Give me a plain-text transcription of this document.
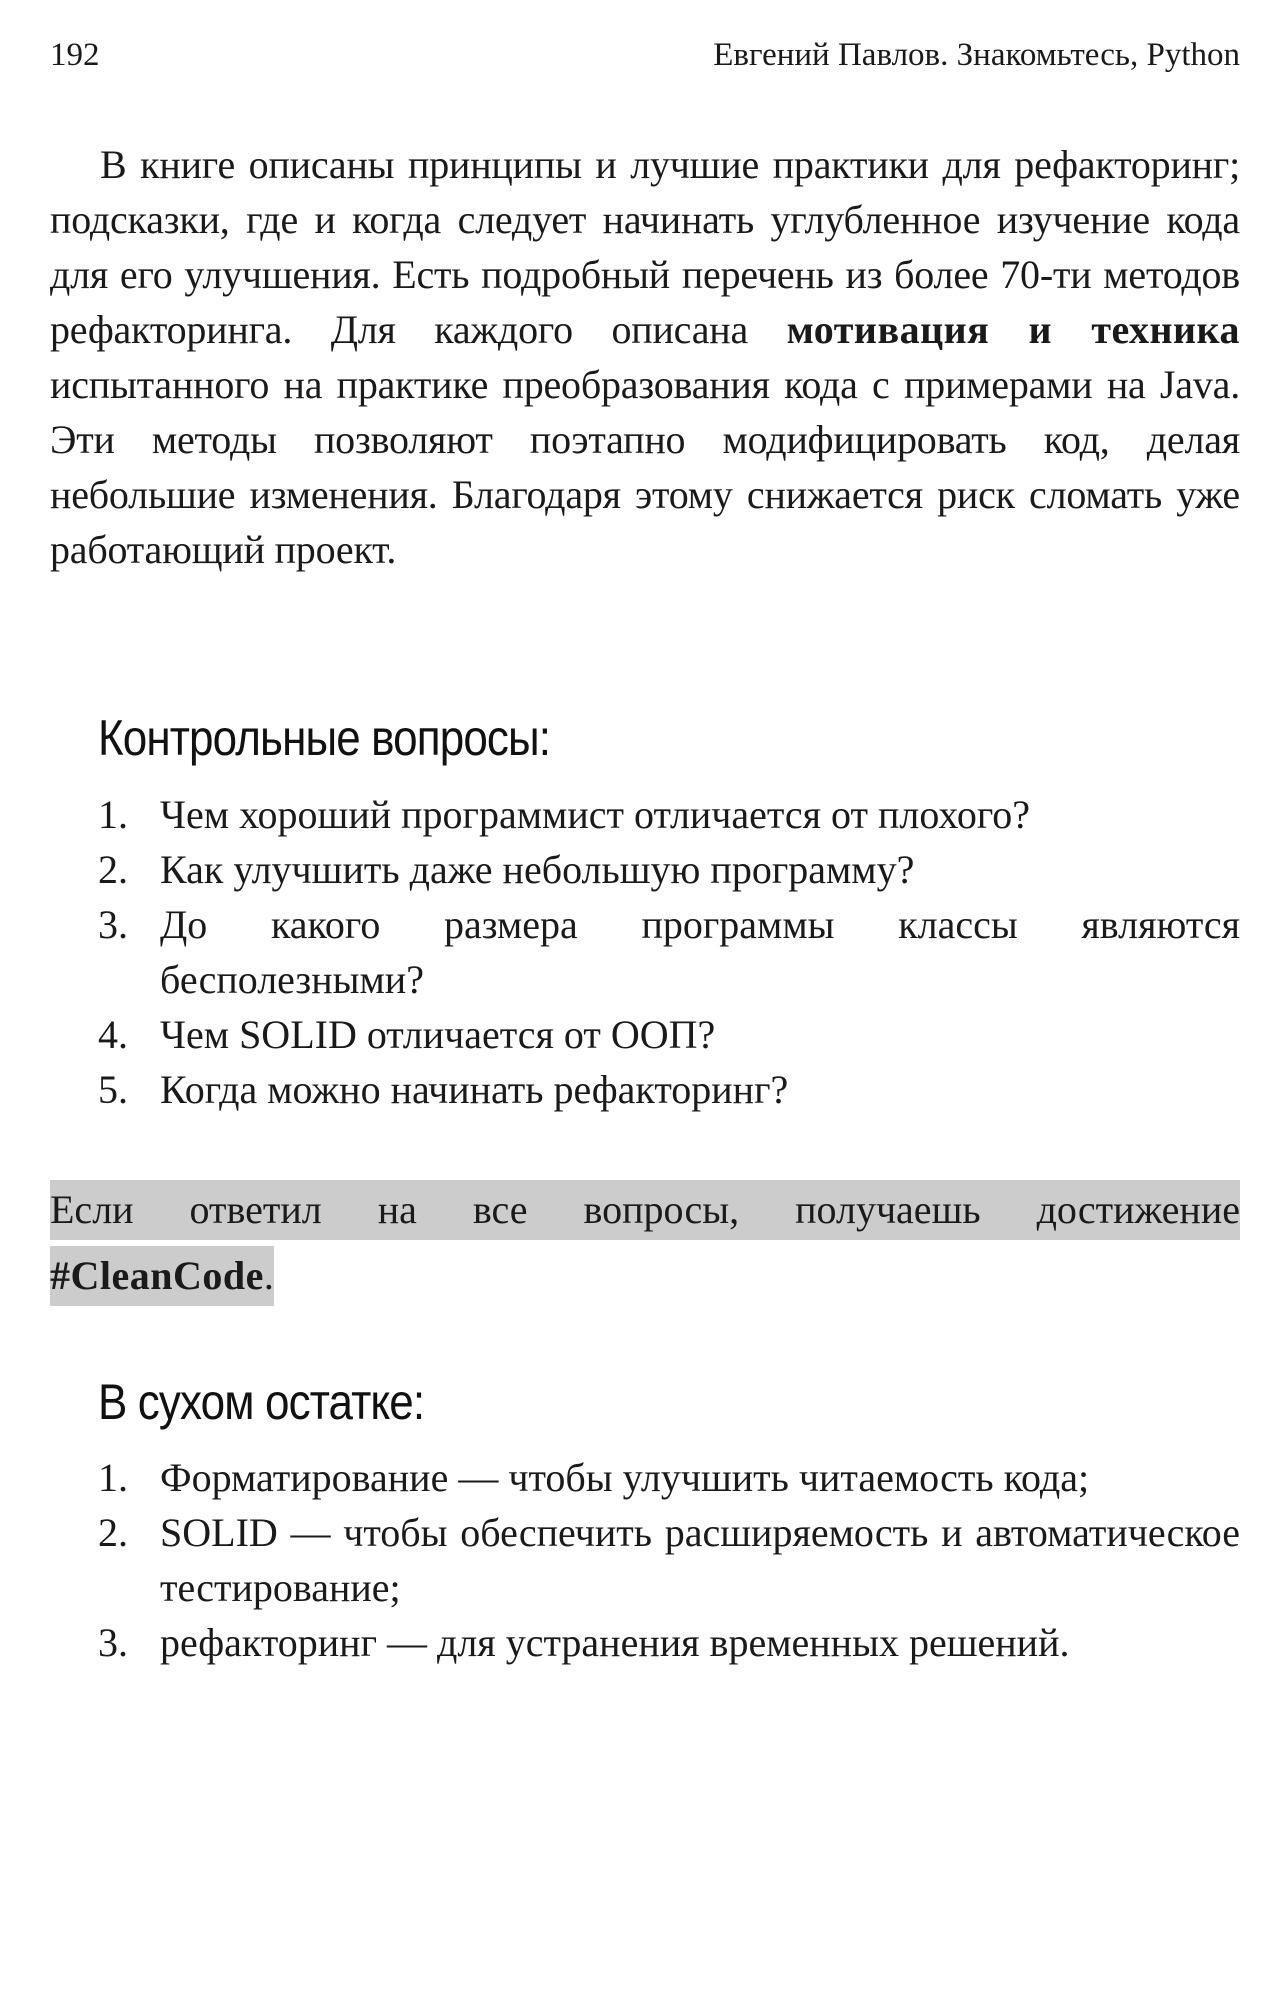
192	Евгений Павлов. Знакомьтесь, Python

В книге описаны принципы и лучшие практики для рефакторинг; подсказки, где и когда следует начинать углубленное изучение кода для его улучшения. Есть подробный перечень из более 70-ти методов рефакторинга. Для каждого описана мотивация и техника испытанного на практике преобразования кода с примерами на Java. Эти методы позволяют поэтапно модифицировать код, делая небольшие изменения. Благодаря этому снижается риск сломать уже работающий проект.

Контрольные вопросы:
1. Чем хороший программист отличается от плохого?
2. Как улучшить даже небольшую программу?
3. До какого размера программы классы являются бесполезными?
4. Чем SOLID отличается от ООП?
5. Когда можно начинать рефакторинг?
Если ответил на все вопросы, получаешь достижение
#CleanCode.
В сухом остатке:
1. Форматирование — чтобы улучшить читаемость кода;
2. SOLID — чтобы обеспечить расширяемость и автоматическое тестирование;
3. рефакторинг — для устранения временных решений.
